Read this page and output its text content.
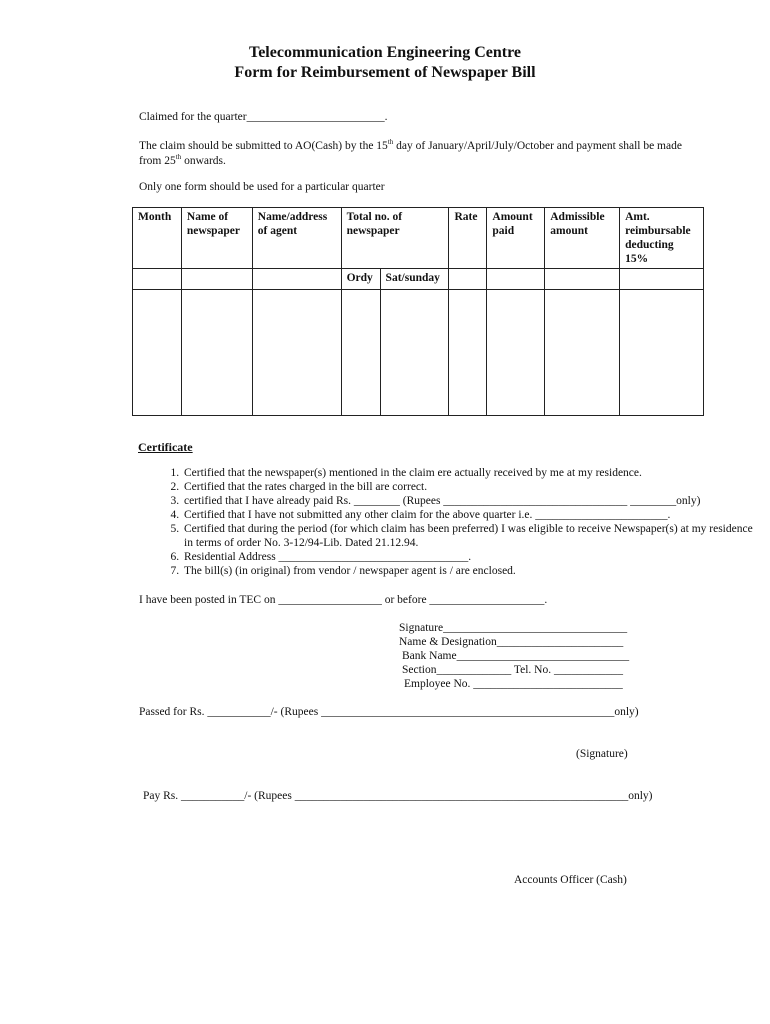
Telecommunication Engineering Centre
Form for Reimbursement of Newspaper Bill
Claimed for the quarter________________________.
The claim should be submitted to AO(Cash) by the 15th day of January/April/July/October and payment shall be made
from 25th onwards.
Only one form should be used for a particular quarter
Month	Name of newspaper	Name/address of agent	Total no. of newspaper		Rate	Amount paid	Admissible amount	Amt. reimbursable deducting 15%
			Ordy	Sat/sunday				

Certificate
1. Certified that the newspaper(s) mentioned in the claim ere actually received by me at my residence.
2. Certified that the rates charged in the bill are correct.
3. certified that I have already paid Rs. ________ (Rupees ________________________________ ________only)
4. Certified that I have not submitted any other claim for the above quarter i.e. _______________________.
5. Certified that during the period (for which claim has been preferred) I was eligible to receive Newspaper(s) at my residence in terms of order No. 3-12/94-Lib. Dated 21.12.94.
6. Residential Address _________________________________.
7. The bill(s) (in original) from vendor / newspaper agent is / are enclosed.
I have been posted in TEC on __________________ or before ____________________.
Signature________________________________
Name & Designation______________________
Bank Name______________________________
Section_____________ Tel. No. ____________
Employee No. __________________________
Passed for Rs. ___________/- (Rupees ___________________________________________________only)
(Signature)
Pay Rs. ___________/- (Rupees __________________________________________________________only)
Accounts Officer (Cash)
